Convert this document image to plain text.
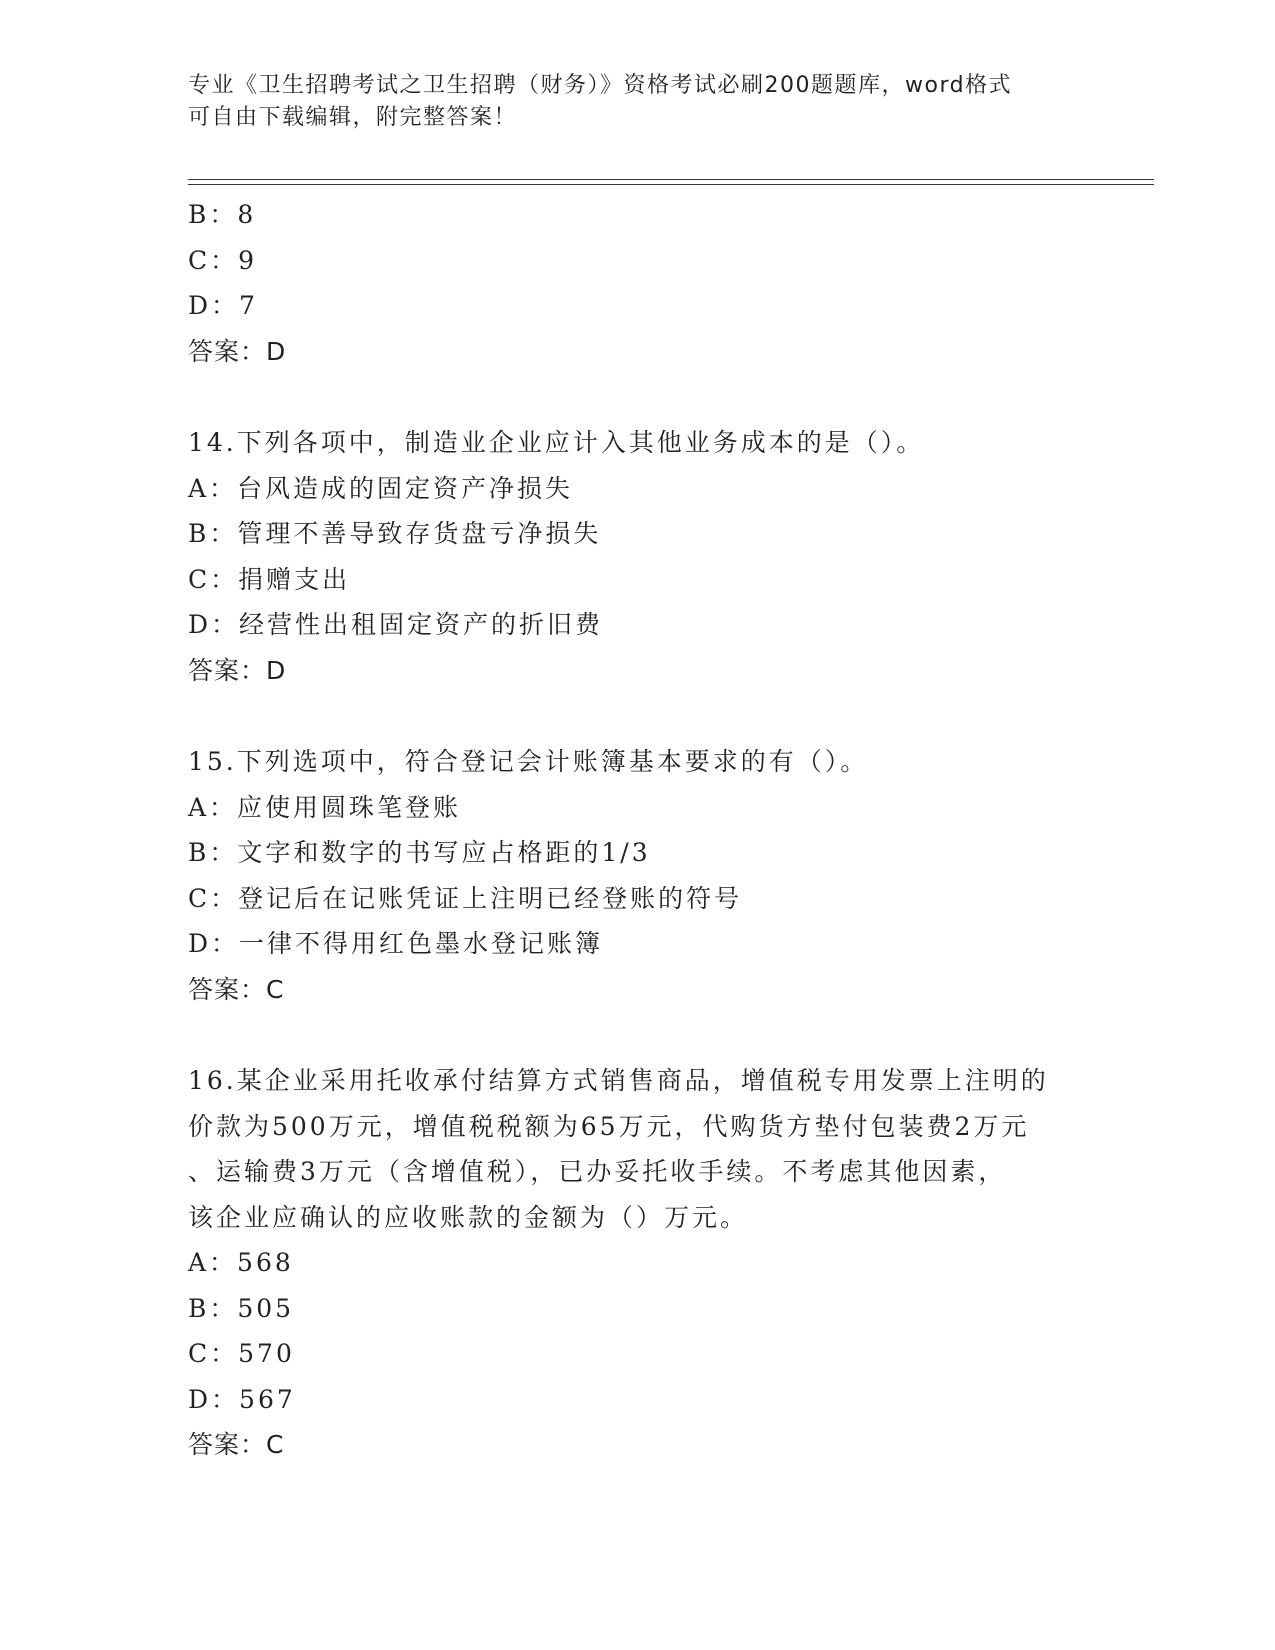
专业《卫生招聘考试之卫生招聘（财务）》资格考试必刷200题题库，word格式
可自由下载编辑，附完整答案！
B：8
C：9
D：7
答案：D
14.下列各项中，制造业企业应计入其他业务成本的是（）。
A：台风造成的固定资产净损失
B：管理不善导致存货盘亏净损失
C：捐赠支出
D：经营性出租固定资产的折旧费
答案：D
15.下列选项中，符合登记会计账簿基本要求的有（）。
A：应使用圆珠笔登账
B：文字和数字的书写应占格距的1/3
C：登记后在记账凭证上注明已经登账的符号
D：一律不得用红色墨水登记账簿
答案：C
16.某企业采用托收承付结算方式销售商品，增值税专用发票上注明的
价款为500万元，增值税税额为65万元，代购货方垫付包装费2万元
、运输费3万元（含增值税），已办妥托收手续。不考虑其他因素，
该企业应确认的应收账款的金额为（）万元。
A：568
B：505
C：570
D：567
答案：C
